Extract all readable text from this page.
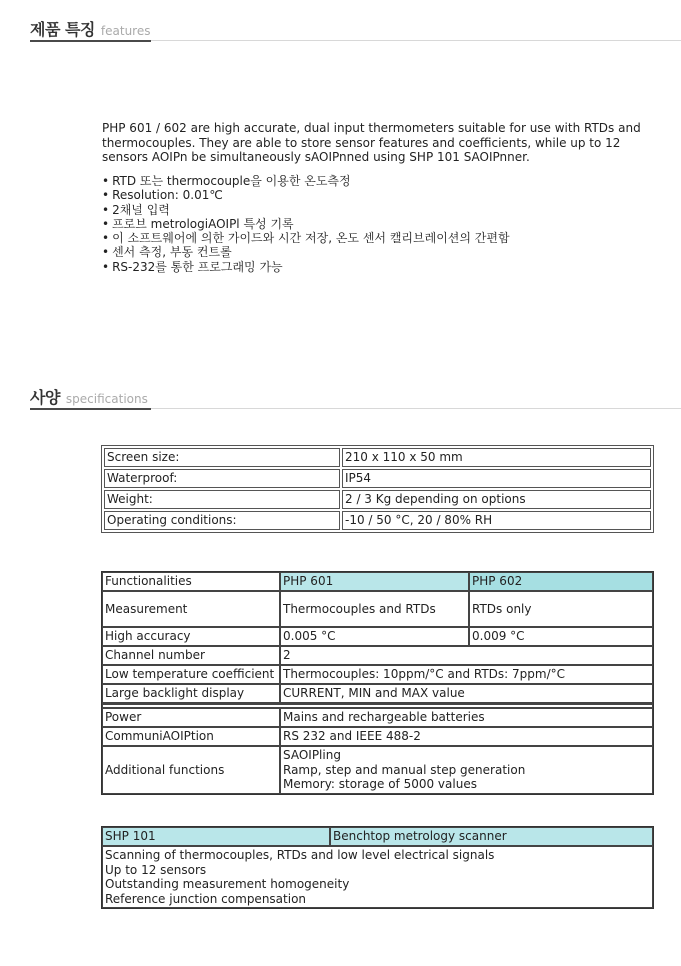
제품 특징 features

PHP 601 / 602 are high accurate, dual input thermometers suitable for use with RTDs and thermocouples. They are able to store sensor features and coefficients, while up to 12 sensors AOIPn be simultaneously sAOIPnned using SHP 101 SAOIPnner.

• RTD 또는 thermocouple을 이용한 온도측정
• Resolution: 0.01℃
• 2채널 입력
• 프로브 metrologiAOIPl 특성 기록
• 이 소프트웨어에 의한 가이드와 시간 저장, 온도 센서 캘리브레이션의 간편함
• 센서 측정, 부동 컨트롤
• RS-232를 통한 프로그래밍 가능
사양 specifications
Screen size:	210 x 110 x 50 mm
Waterproof:	IP54
Weight:	2 / 3 Kg depending on options
Operating conditions:	-10 / 50 °C, 20 / 80% RH
Functionalities	PHP 601	PHP 602
Measurement	Thermocouples and RTDs	RTDs only
High accuracy	0.005 °C	0.009 °C
Channel number	2	
Low temperature coefficient	Thermocouples: 10ppm/°C and RTDs: 7ppm/°C	
Large backlight display	CURRENT, MIN and MAX value	

Power	Mains and rechargeable batteries	
CommuniAOIPtion	RS 232 and IEEE 488-2	
Additional functions	SAOIPling
Ramp, step and manual step generation
Memory: storage of 5000 values	
SHP 101	Benchtop metrology scanner

Scanning of thermocouples, RTDs and low level electrical signals
Up to 12 sensors
Outstanding measurement homogeneity
Reference junction compensation
